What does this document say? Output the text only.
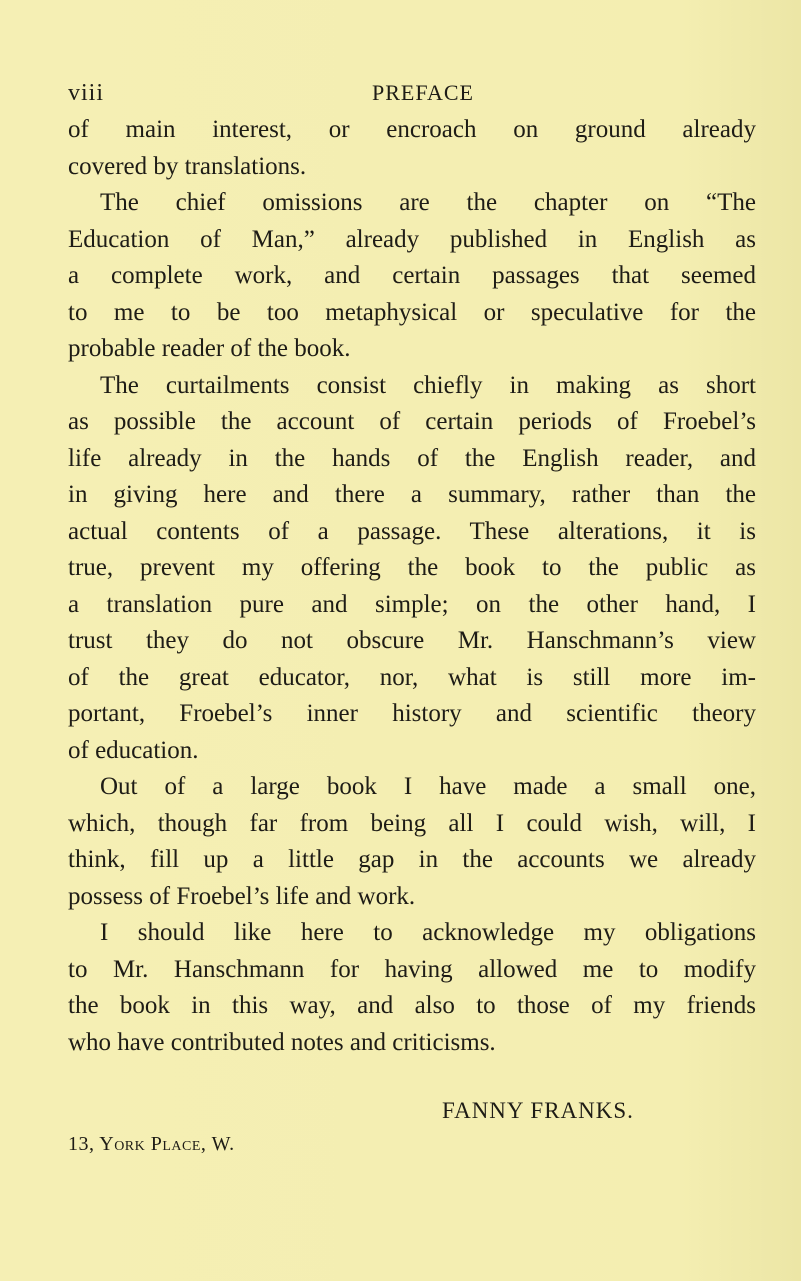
viii	PREFACE
of main interest, or encroach on ground already
covered by translations.
The chief omissions are the chapter on “The
Education of Man,” already published in English as
a complete work, and certain passages that seemed
to me to be too metaphysical or speculative for the
probable reader of the book.
The curtailments consist chiefly in making as short
as possible the account of certain periods of Froebel’s
life already in the hands of the English reader, and
in giving here and there a summary, rather than the
actual contents of a passage. These alterations, it is
true, prevent my offering the book to the public as
a translation pure and simple; on the other hand, I
trust they do not obscure Mr. Hanschmann’s view
of the great educator, nor, what is still more im-
portant, Froebel’s inner history and scientific theory
of education.
Out of a large book I have made a small one,
which, though far from being all I could wish, will, I
think, fill up a little gap in the accounts we already
possess of Froebel’s life and work.
I should like here to acknowledge my obligations
to Mr. Hanschmann for having allowed me to modify
the book in this way, and also to those of my friends
who have contributed notes and criticisms.
FANNY FRANKS.
13, York Place, W.
